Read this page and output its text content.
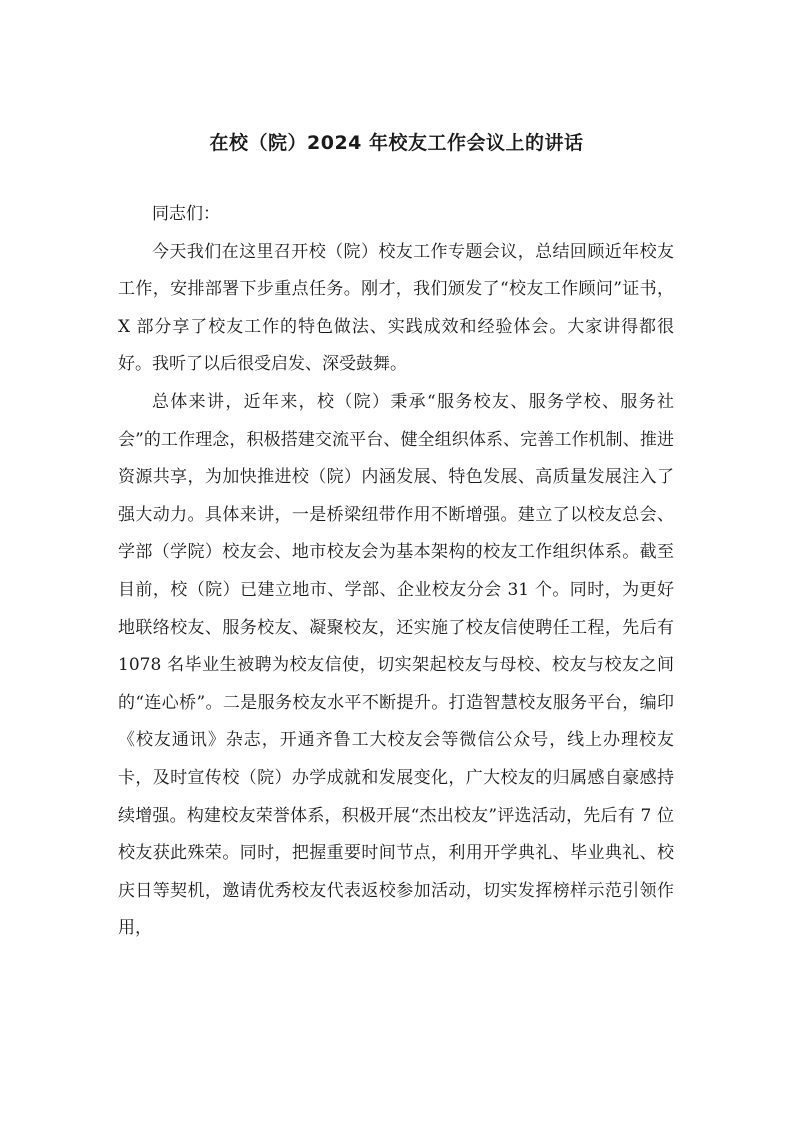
在校（院）2024 年校友工作会议上的讲话

同志们：

今天我们在这里召开校（院）校友工作专题会议，总结回顾近年校友工作，安排部署下步重点任务。刚才，我们颁发了“校友工作顾问”证书，X 部分享了校友工作的特色做法、实践成效和经验体会。大家讲得都很好。我听了以后很受启发、深受鼓舞。

总体来讲，近年来，校（院）秉承“服务校友、服务学校、服务社会”的工作理念，积极搭建交流平台、健全组织体系、完善工作机制、推进资源共享，为加快推进校（院）内涵发展、特色发展、高质量发展注入了强大动力。具体来讲，一是桥梁纽带作用不断增强。建立了以校友总会、学部（学院）校友会、地市校友会为基本架构的校友工作组织体系。截至目前，校（院）已建立地市、学部、企业校友分会 31 个。同时，为更好地联络校友、服务校友、凝聚校友，还实施了校友信使聘任工程，先后有 1078 名毕业生被聘为校友信使，切实架起校友与母校、校友与校友之间的“连心桥”。二是服务校友水平不断提升。打造智慧校友服务平台，编印《校友通讯》杂志，开通齐鲁工大校友会等微信公众号，线上办理校友卡，及时宣传校（院）办学成就和发展变化，广大校友的归属感自豪感持续增强。构建校友荣誉体系，积极开展“杰出校友”评选活动，先后有 7 位校友获此殊荣。同时，把握重要时间节点，利用开学典礼、毕业典礼、校庆日等契机，邀请优秀校友代表返校参加活动，切实发挥榜样示范引领作用，
